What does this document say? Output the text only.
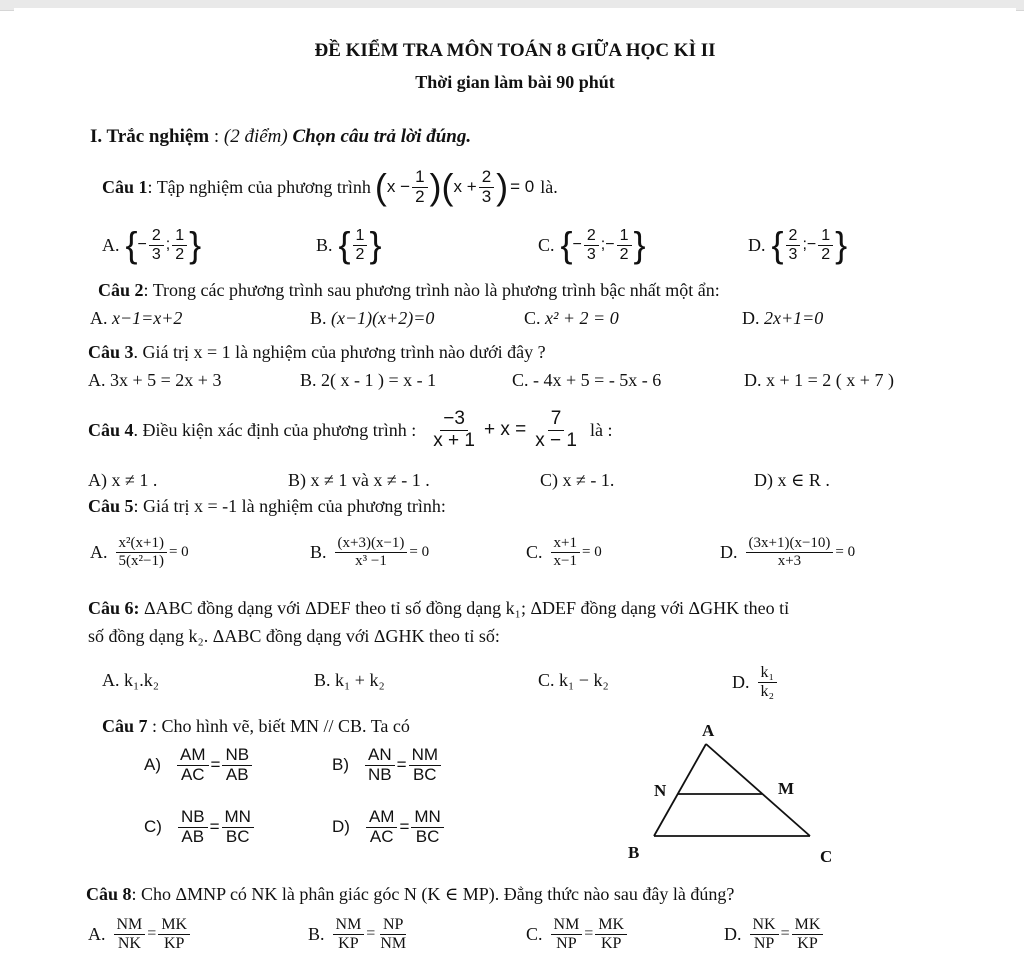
ĐỀ KIỂM TRA MÔN TOÁN 8 GIỮA HỌC KÌ II
Thời gian làm bài 90 phút
I. Trắc nghiệm : (2 điểm) Chọn câu trả lời đúng.
Câu 1 : Tập nghiệm của phương trình ( $x - \frac{1}{2}$ )( $x + \frac{2}{3}$ ) = 0 là.
A. { −
2
3
;
1
2 }	B. { 1
2 }	C. { −
2
3
;−
1
2 }	D. { 2
3
;−
1
2 }
Câu 2: Trong các phương trình sau phương trình nào là phương trình bậc nhất một ẩn:
A. x−1=x+2	B. (x−1)(x+2)=0	C. x² + 2 = 0	D. 2x+1=0
Câu 3. Giá trị x = 1 là nghiệm của phương trình nào dưới đây ?
A. 3x + 5 = 2x + 3	B. 2( x - 1 ) = x - 1	C. - 4x + 5 = - 5x - 6	D. x + 1 = 2 ( x + 7 )
Câu 4 . Điều kiện xác định của phương trình :
−3
$x + 1 + x = \frac{7}{x - 1}$ là :
A) x ≠ 1 .	B) x ≠ 1 và x ≠ - 1 .	C) x ≠ - 1.	D) x ∈ R .
Câu 5: Giá trị x = -1 là nghiệm của phương trình:
A. $\frac{\text{x²(x+1)}}{\text{5(x²−1)}} = 0$	B. $\frac{(x+3)(x-1)}{\text{x³ −1}} = 0$	C. $\frac{x+1}{x-1} = 0$	D. $\frac{(3x+1)(x-10)}{x+3} = 0$
Câu 6: ΔABC đồng dạng với ΔDEF theo tỉ số đồng dạng k₁; ΔDEF đồng dạng với ΔGHK theo tỉ
số đồng dạng k₂. ΔABC đồng dạng với ΔGHK theo tỉ số:
A. k₁.k₂	B. k₁ + k₂	C. k₁ − k₂	D. k₁
k₂
Câu 7 : Cho hình vẽ, biết MN // CB. Ta có
$A) \frac{AM}{AC} = \frac{NB}{AB}$	$B) \frac{AN}{NB} = \frac{NM}{BC}$
$C) \frac{NB}{AB} = \frac{MN}{BC}$	$D) \frac{AM}{AC} = \frac{MN}{BC}$
A
N	M
B	C
Câu 8: Cho ΔMNP có NK là phân giác góc N (K ∈ MP). Đẳng thức nào sau đây là đúng?
A. $\frac{NM}{NK} = \frac{MK}{KP}$	B. $\frac{NM}{KP} = \frac{NP}{NM}$	C. $\frac{NM}{NP} = \frac{MK}{KP}$	D. $\frac{NK}{NP} = \frac{MK}{KP}$
